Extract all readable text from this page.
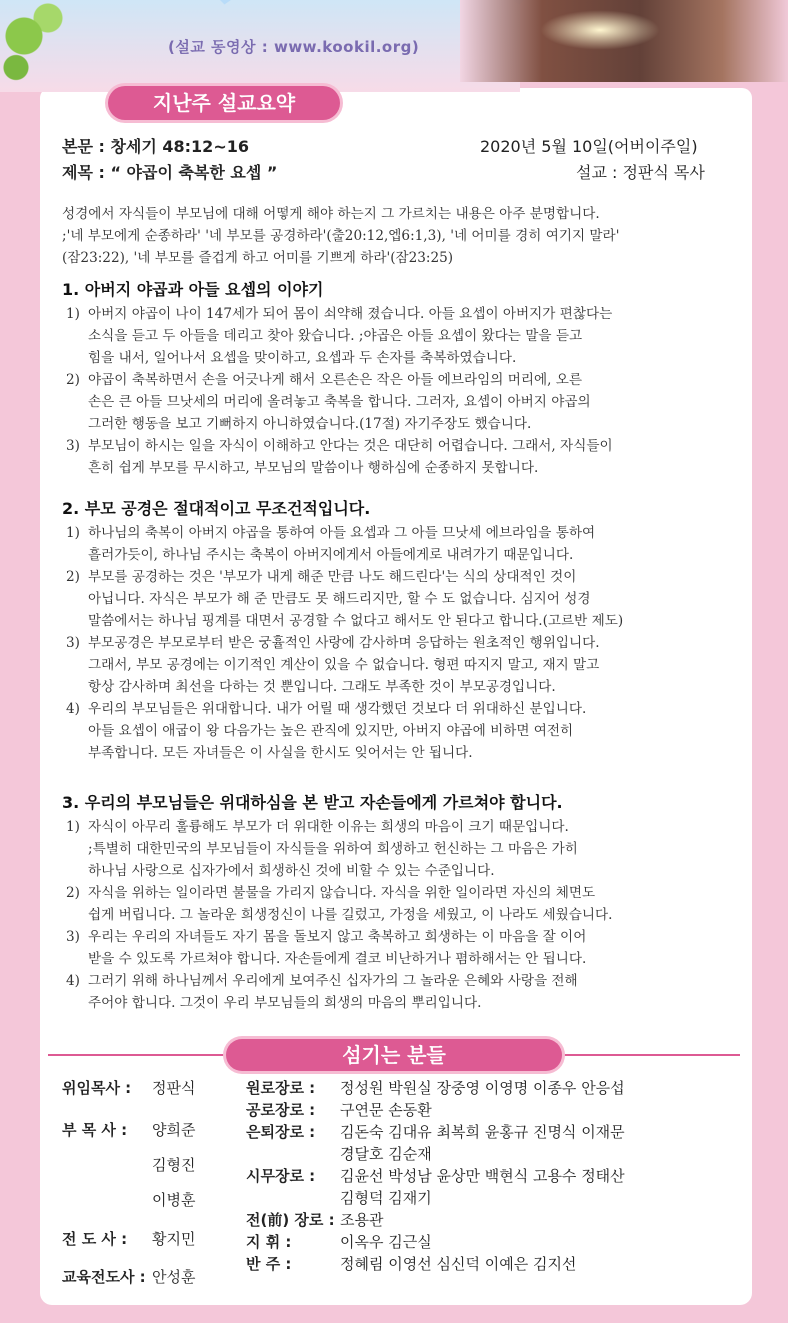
(설교 동영상 : www.kookil.org)
지난주 설교요약
본문 : 창세기 48:12~16
제목 : “ 야곱이 축복한 요셉 ”
2020년 5월 10일(어버이주일)
설교 : 정판식 목사
성경에서 자식들이 부모님에 대해 어떻게 해야 하는지 그 가르치는 내용은 아주 분명합니다.
;'네 부모에게 순종하라' '네 부모를 공경하라'(출20:12,엡6:1,3), '네 어미를 경히 여기지 말라'
(잠23:22), '네 부모를 즐겁게 하고 어미를 기쁘게 하라'(잠23:25)
1. 아버지 야곱과 아들 요셉의 이야기
1) 아버지 야곱이 나이 147세가 되어 몸이 쇠약해 졌습니다. 아들 요셉이 아버지가 편찮다는
소식을 듣고 두 아들을 데리고 찾아 왔습니다. ;야곱은 아들 요셉이 왔다는 말을 듣고
힘을 내서, 일어나서 요셉을 맞이하고, 요셉과 두 손자를 축복하였습니다.
2) 야곱이 축복하면서 손을 어긋나게 해서 오른손은 작은 아들 에브라임의 머리에, 오른
손은 큰 아들 므낫세의 머리에 올려놓고 축복을 합니다. 그러자, 요셉이 아버지 야곱의
그러한 행동을 보고 기뻐하지 아니하였습니다.(17절) 자기주장도 했습니다.
3) 부모님이 하시는 일을 자식이 이해하고 안다는 것은 대단히 어렵습니다. 그래서, 자식들이
흔히 쉽게 부모를 무시하고, 부모님의 말씀이나 행하심에 순종하지 못합니다.
2. 부모 공경은 절대적이고 무조건적입니다.
1) 하나님의 축복이 아버지 야곱을 통하여 아들 요셉과 그 아들 므낫세 에브라임을 통하여
흘러가듯이, 하나님 주시는 축복이 아버지에게서 아들에게로 내려가기 때문입니다.
2) 부모를 공경하는 것은 '부모가 내게 해준 만큼 나도 해드린다'는 식의 상대적인 것이
아닙니다. 자식은 부모가 해 준 만큼도 못 해드리지만, 할 수 도 없습니다. 심지어 성경
말씀에서는 하나님 핑계를 대면서 공경할 수 없다고 해서도 안 된다고 합니다.(고르반 제도)
3) 부모공경은 부모로부터 받은 궁휼적인 사랑에 감사하며 응답하는 원초적인 행위입니다.
그래서, 부모 공경에는 이기적인 계산이 있을 수 없습니다. 형편 따지지 말고, 재지 말고
항상 감사하며 최선을 다하는 것 뿐입니다. 그래도 부족한 것이 부모공경입니다.
4) 우리의 부모님들은 위대합니다. 내가 어릴 때 생각했던 것보다 더 위대하신 분입니다.
아들 요셉이 애굽이 왕 다음가는 높은 관직에 있지만, 아버지 야곱에 비하면 여전히
부족합니다. 모든 자녀들은 이 사실을 한시도 잊어서는 안 됩니다.
3. 우리의 부모님들은 위대하심을 본 받고 자손들에게 가르쳐야 합니다.
1) 자식이 아무리 훌륭해도 부모가 더 위대한 이유는 희생의 마음이 크기 때문입니다.
;특별히 대한민국의 부모님들이 자식들을 위하여 희생하고 헌신하는 그 마음은 가히
하나님 사랑으로 십자가에서 희생하신 것에 비할 수 있는 수준입니다.
2) 자식을 위하는 일이라면 불물을 가리지 않습니다. 자식을 위한 일이라면 자신의 체면도
쉽게 버립니다. 그 놀라운 희생정신이 나를 길렀고, 가정을 세웠고, 이 나라도 세웠습니다.
3) 우리는 우리의 자녀들도 자기 몸을 돌보지 않고 축복하고 희생하는 이 마음을 잘 이어
받을 수 있도록 가르쳐야 합니다. 자손들에게 결코 비난하거나 폄하해서는 안 됩니다.
4) 그러기 위해 하나님께서 우리에게 보여주신 십자가의 그 놀라운 은혜와 사랑을 전해
주어야 합니다. 그것이 우리 부모님들의 희생의 마음의 뿌리입니다.
섬기는 분들
위임목사 : 정판식
부 목 사 : 양희준
김형진
이병훈
전 도 사 : 황지민
교육전도사 : 안성훈
원로장로 : 정성원 박원실 장중영 이영명 이종우 안응섭
공로장로 : 구연문 손동환
은퇴장로 : 김돈숙 김대유 최복희 윤홍규 진명식 이재문
경달호 김순재
시무장로 : 김윤선 박성남 윤상만 백현식 고용수 정태산
김형덕 김재기
전(前) 장로 : 조용관
지 휘 :	이옥우 김근실
반 주 :	정혜림 이영선 심신덕 이예은 김지선
